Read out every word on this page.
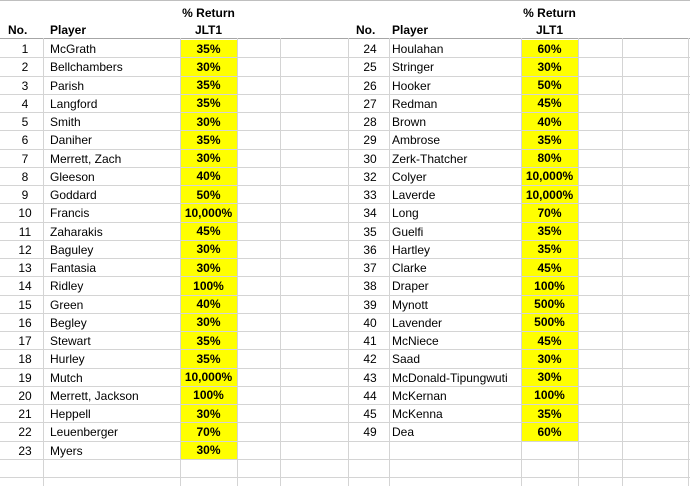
% Return
No.	Player	JLT1
% Return
No.	Player	JLT1
1	McGrath	35%
2	Bellchambers	30%
3	Parish	35%
4	Langford	35%
5	Smith	30%
6	Daniher	35%
7	Merrett, Zach	30%
8	Gleeson	40%
9	Goddard	50%
10	Francis	10,000%
11	Zaharakis	45%
12	Baguley	30%
13	Fantasia	30%
14	Ridley	100%
15	Green	40%
16	Begley	30%
17	Stewart	35%
18	Hurley	35%
19	Mutch	10,000%
20	Merrett, Jackson	100%
21	Heppell	30%
22	Leuenberger	70%
23	Myers	30%
24	Houlahan	60%
25	Stringer	30%
26	Hooker	50%
27	Redman	45%
28	Brown	40%
29	Ambrose	35%
30	Zerk-Thatcher	80%
32	Colyer	10,000%
33	Laverde	10,000%
34	Long	70%
35	Guelfi	35%
36	Hartley	35%
37	Clarke	45%
38	Draper	100%
39	Mynott	500%
40	Lavender	500%
41	McNiece	45%
42	Saad	30%
43	McDonald-Tipungwuti	30%
44	McKernan	100%
45	McKenna	35%
49	Dea	60%
